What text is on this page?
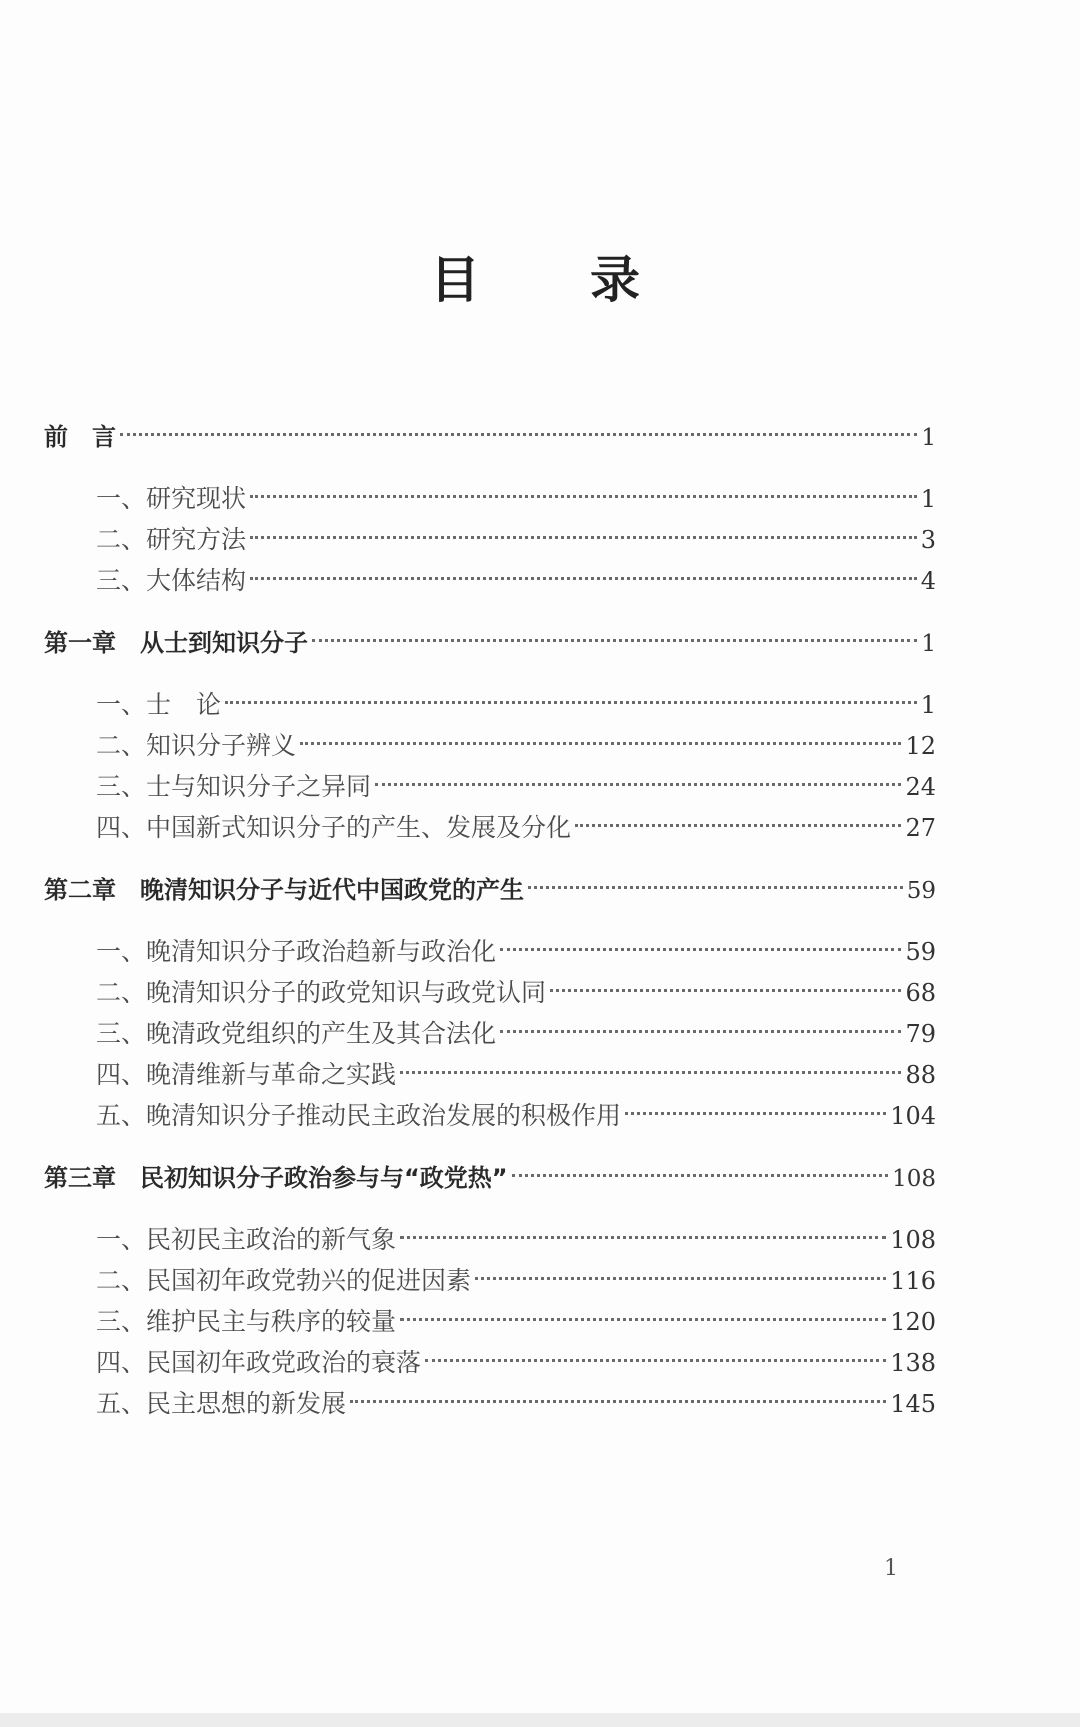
目　录
前　言	1
一、研究现状	1
二、研究方法	3
三、大体结构	4
第一章　从士到知识分子	1
一、士　论	1
二、知识分子辨义	12
三、士与知识分子之异同	24
四、中国新式知识分子的产生、发展及分化	27
第二章　晚清知识分子与近代中国政党的产生	59
一、晚清知识分子政治趋新与政治化	59
二、晚清知识分子的政党知识与政党认同	68
三、晚清政党组织的产生及其合法化	79
四、晚清维新与革命之实践	88
五、晚清知识分子推动民主政治发展的积极作用	104
第三章　民初知识分子政治参与与“政党热”	108
一、民初民主政治的新气象	108
二、民国初年政党勃兴的促进因素	116
三、维护民主与秩序的较量	120
四、民国初年政党政治的衰落	138
五、民主思想的新发展	145
1
